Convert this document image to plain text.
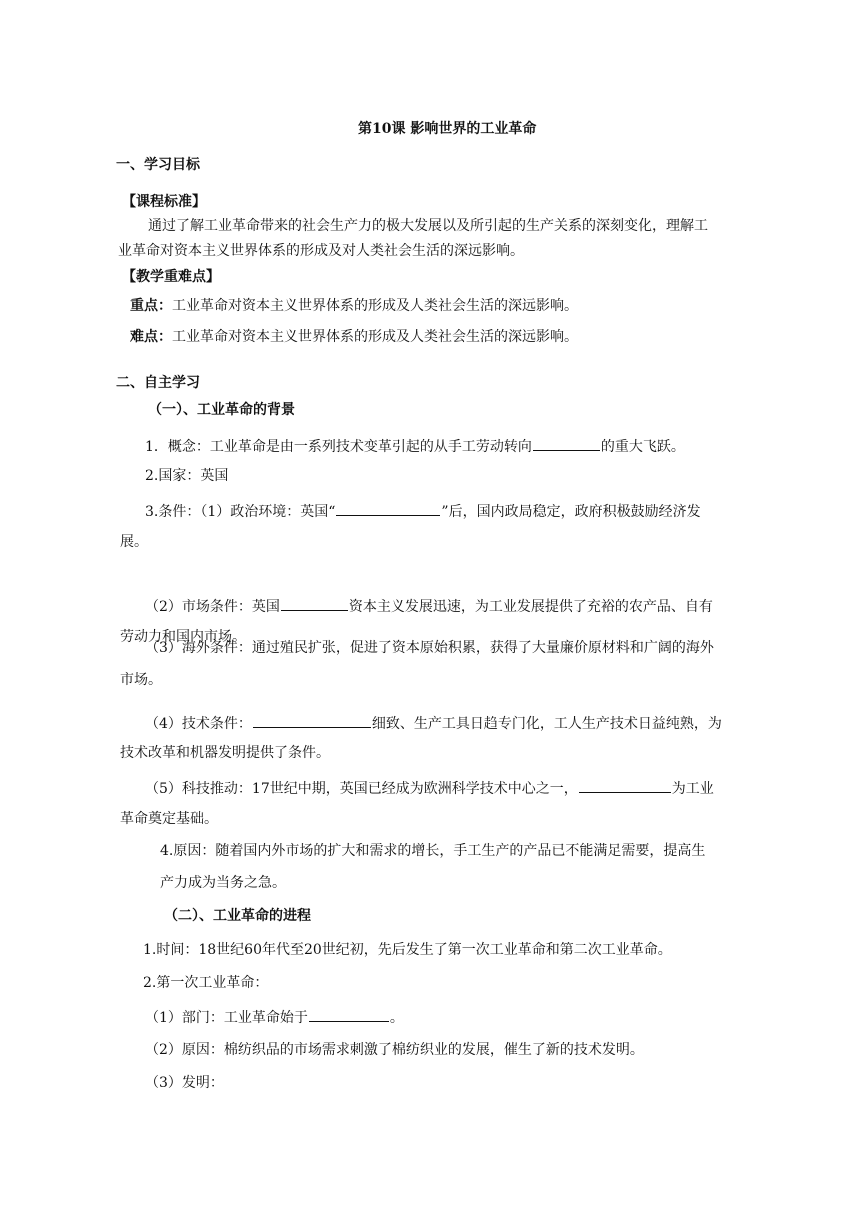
第10课 影响世界的工业革命
一、学习目标
【课程标准】
通过了解工业革命带来的社会生产力的极大发展以及所引起的生产关系的深刻变化，理解工
业革命对资本主义世界体系的形成及对人类社会生活的深远影响。
【教学重难点】
重点：工业革命对资本主义世界体系的形成及人类社会生活的深远影响。
难点：工业革命对资本主义世界体系的形成及人类社会生活的深远影响。
二、自主学习
（一）、工业革命的背景
1．概念：工业革命是由一系列技术变革引起的从手工劳动转向	的重大飞跃。
2.国家：英国
3.条件：（1）政治环境：英国“	”后，国内政局稳定，政府积极鼓励经济发
展。
（2）市场条件：英国	资本主义发展迅速，为工业发展提供了充裕的农产品、自有
劳动力和国内市场。
（3）海外条件：通过殖民扩张，促进了资本原始积累，获得了大量廉价原材料和广阔的海外
市场。
（4）技术条件：	细致、生产工具日趋专门化，工人生产技术日益纯熟，为
技术改革和机器发明提供了条件。
（5）科技推动：17世纪中期，英国已经成为欧洲科学技术中心之一，	为工业
革命奠定基础。
4.原因：随着国内外市场的扩大和需求的增长，手工生产的产品已不能满足需要，提高生
产力成为当务之急。
（二）、工业革命的进程
1.时间：18世纪60年代至20世纪初，先后发生了第一次工业革命和第二次工业革命。
2.第一次工业革命：
（1）部门：工业革命始于	。
（2）原因：棉纺织品的市场需求刺激了棉纺织业的发展，催生了新的技术发明。
（3）发明：
